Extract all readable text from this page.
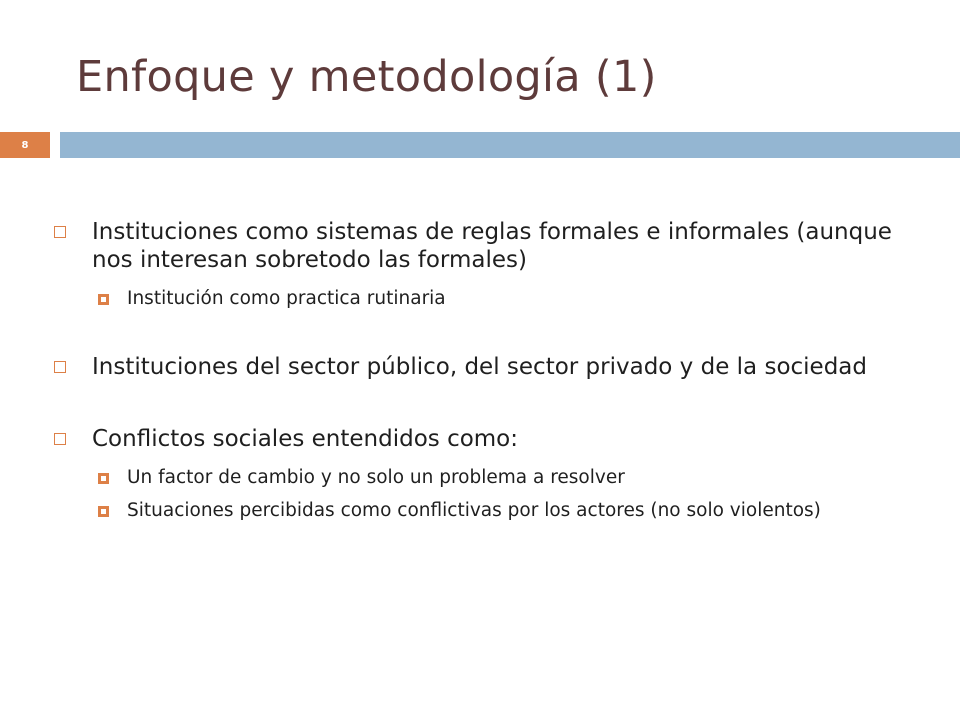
Enfoque y metodología (1)
8
Instituciones como sistemas de reglas formales e informales (aunque nos interesan sobretodo las formales)
Institución como practica rutinaria
Instituciones del sector público, del sector privado y de la sociedad
Conflictos sociales entendidos como:
Un factor de cambio y no solo un problema a resolver
Situaciones percibidas como conflictivas por los actores (no solo violentos)
